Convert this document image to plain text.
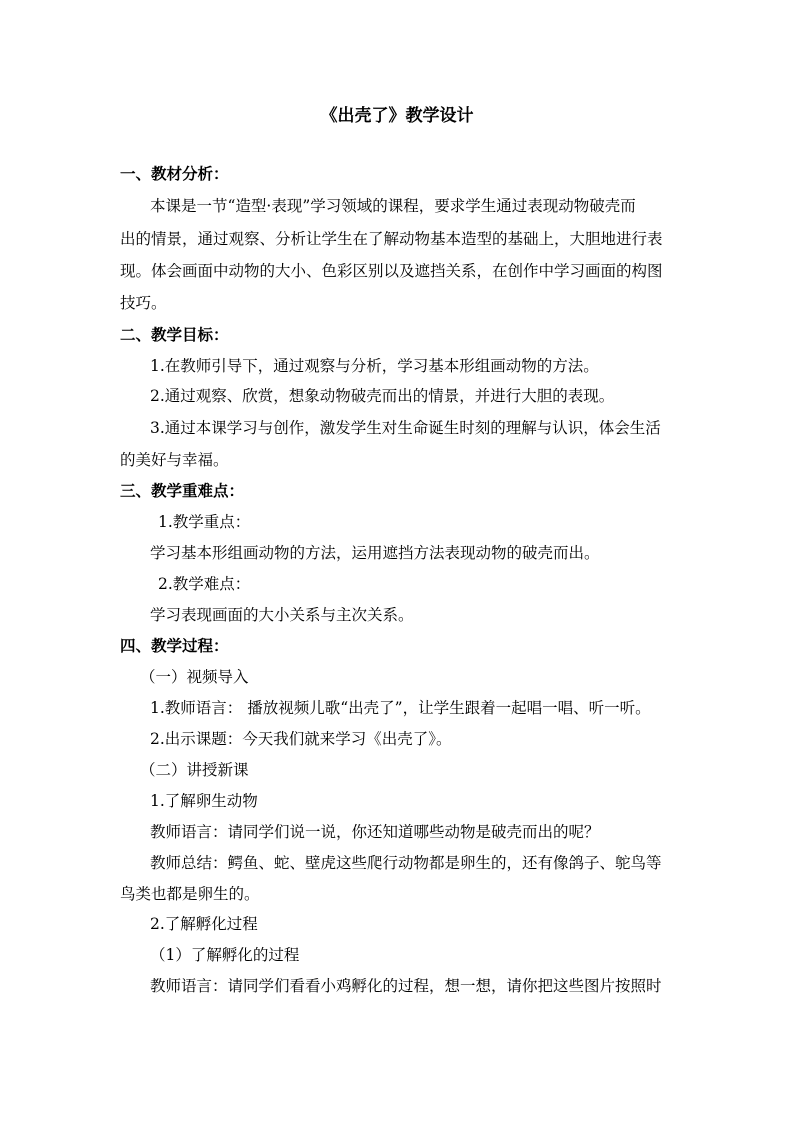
《出壳了》教学设计
一、教材分析：
本课是一节“造型·表现”学习领域的课程，要求学生通过表现动物破壳而
出的情景，通过观察、分析让学生在了解动物基本造型的基础上，大胆地进行表
现。体会画面中动物的大小、色彩区别以及遮挡关系，在创作中学习画面的构图
技巧。
二、教学目标：
1.在教师引导下，通过观察与分析，学习基本形组画动物的方法。
2.通过观察、欣赏，想象动物破壳而出的情景，并进行大胆的表现。
3.通过本课学习与创作，激发学生对生命诞生时刻的理解与认识，体会生活
的美好与幸福。
三、教学重难点：
1.教学重点：
学习基本形组画动物的方法，运用遮挡方法表现动物的破壳而出。
2.教学难点：
学习表现画面的大小关系与主次关系。
四、教学过程：
（一）视频导入
1.教师语言： 播放视频儿歌“出壳了”，让学生跟着一起唱一唱、听一听。
2.出示课题：今天我们就来学习《出壳了》。
（二）讲授新课
1.了解卵生动物
教师语言：请同学们说一说，你还知道哪些动物是破壳而出的呢？
教师总结：鳄鱼、蛇、壁虎这些爬行动物都是卵生的，还有像鸽子、鸵鸟等
鸟类也都是卵生的。
2.了解孵化过程
（1）了解孵化的过程
教师语言：请同学们看看小鸡孵化的过程，想一想，请你把这些图片按照时
